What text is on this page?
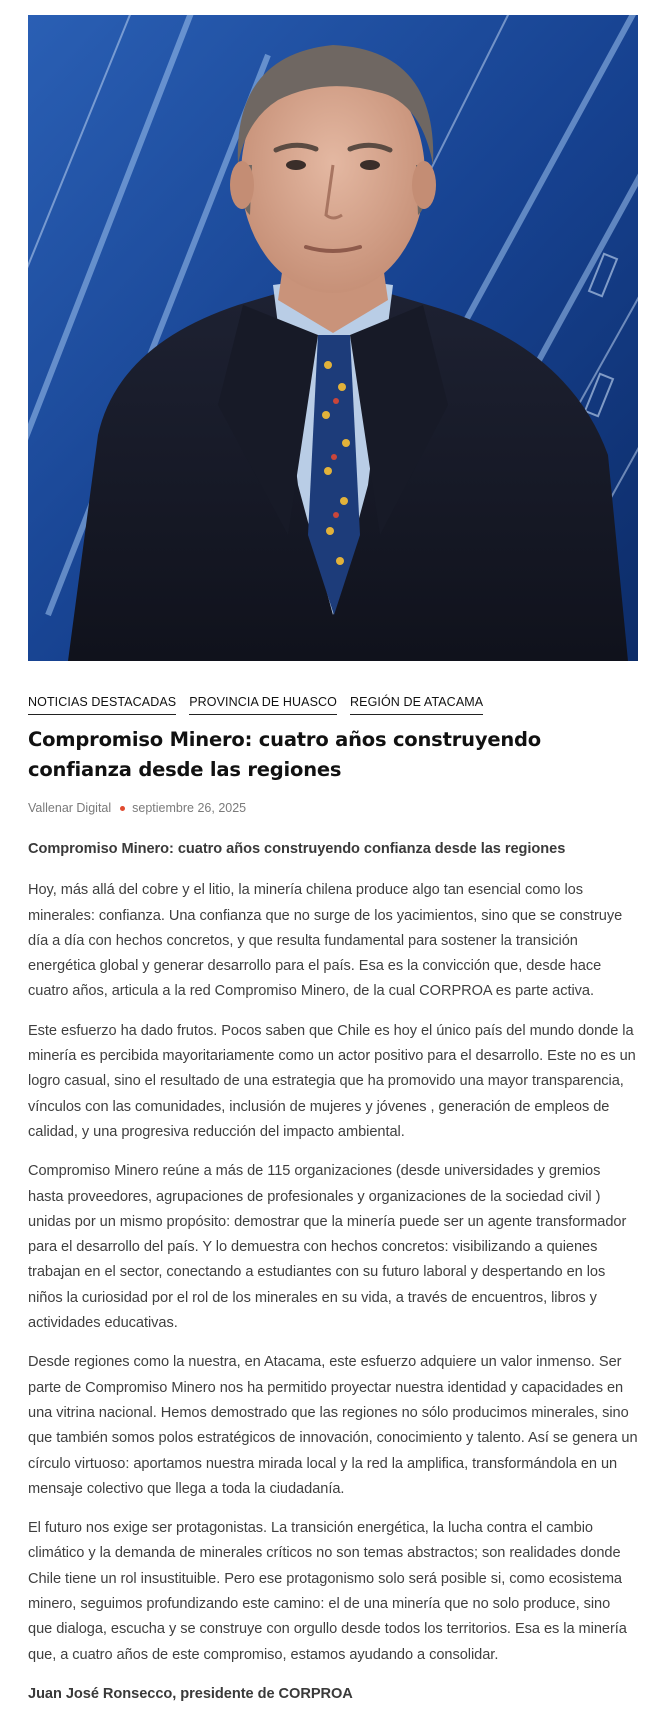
NOTICIAS DESTACADAS PROVINCIA DE HUASCO REGIÓN DE ATACAMA
Compromiso Minero: cuatro años construyendo confianza desde las regiones
Vallenar Digital septiembre 26, 2025

Compromiso Minero: cuatro años construyendo confianza desde las regiones

Hoy, más allá del cobre y el litio, la minería chilena produce algo tan esencial como los minerales: confianza. Una confianza que no surge de los yacimientos, sino que se construye día a día con hechos concretos, y que resulta fundamental para sostener la transición energética global y generar desarrollo para el país. Esa es la convicción que, desde hace cuatro años, articula a la red Compromiso Minero, de la cual CORPROA es parte activa.

Este esfuerzo ha dado frutos. Pocos saben que Chile es hoy el único país del mundo donde la minería es percibida mayoritariamente como un actor positivo para el desarrollo. Este no es un logro casual, sino el resultado de una estrategia que ha promovido una mayor transparencia, vínculos con las comunidades, inclusión de mujeres y jóvenes , generación de empleos de calidad, y una progresiva reducción del impacto ambiental.

Compromiso Minero reúne a más de 115 organizaciones (desde universidades y gremios hasta proveedores, agrupaciones de profesionales y organizaciones de la sociedad civil ) unidas por un mismo propósito: demostrar que la minería puede ser un agente transformador para el desarrollo del país. Y lo demuestra con hechos concretos: visibilizando a quienes trabajan en el sector, conectando a estudiantes con su futuro laboral y despertando en los niños la curiosidad por el rol de los minerales en su vida, a través de encuentros, libros y actividades educativas.

Desde regiones como la nuestra, en Atacama, este esfuerzo adquiere un valor inmenso. Ser parte de Compromiso Minero nos ha permitido proyectar nuestra identidad y capacidades en una vitrina nacional. Hemos demostrado que las regiones no sólo producimos minerales, sino que también somos polos estratégicos de innovación, conocimiento y talento. Así se genera un círculo virtuoso: aportamos nuestra mirada local y la red la amplifica, transformándola en un mensaje colectivo que llega a toda la ciudadanía.

El futuro nos exige ser protagonistas. La transición energética, la lucha contra el cambio climático y la demanda de minerales críticos no son temas abstractos; son realidades donde Chile tiene un rol insustituible. Pero ese protagonismo solo será posible si, como ecosistema minero, seguimos profundizando este camino: el de una minería que no solo produce, sino que dialoga, escucha y se construye con orgullo desde todos los territorios. Esa es la minería que, a cuatro años de este compromiso, estamos ayudando a consolidar.

Juan José Ronsecco, presidente de CORPROA
